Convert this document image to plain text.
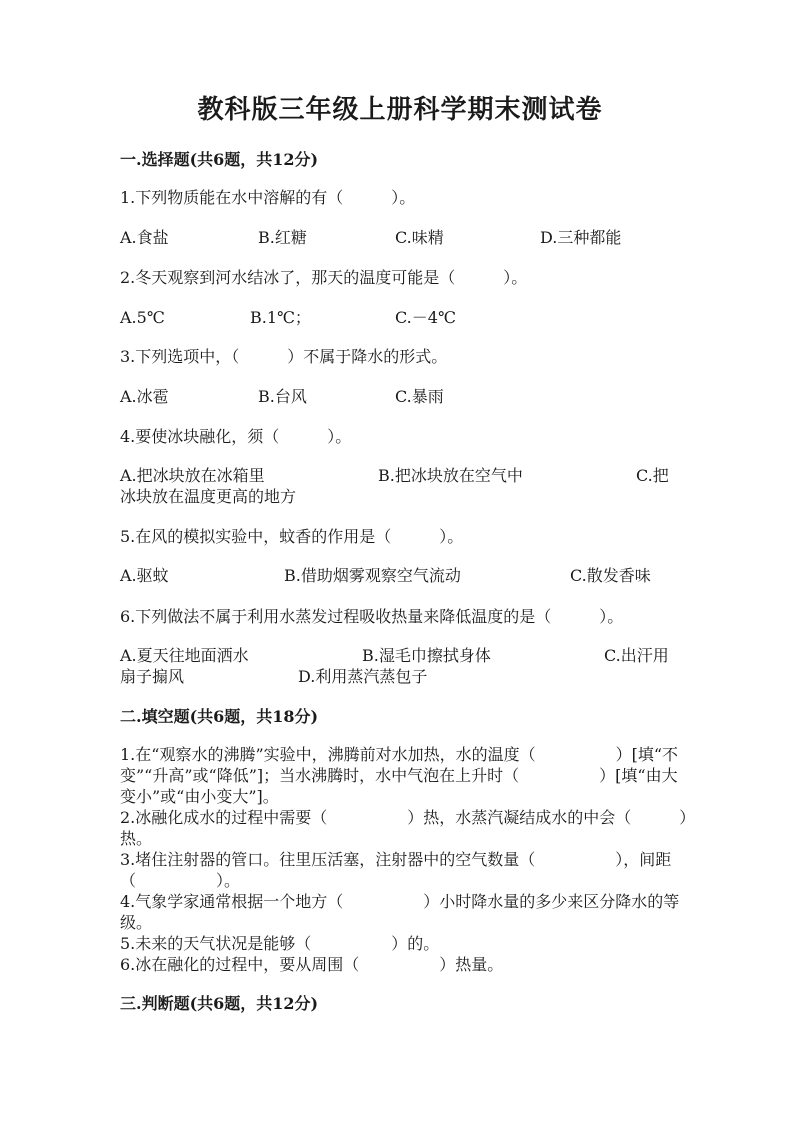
教科版三年级上册科学期末测试卷
一.选择题(共6题，共12分)
1.下列物质能在水中溶解的有（　　　）。
A.食盐	B.红糖	C.味精	D.三种都能
2.冬天观察到河水结冰了，那天的温度可能是（　　　）。
A.5℃	B.1℃；	C.－4℃
3.下列选项中，（　　　）不属于降水的形式。
A.冰雹	B.台风	C.暴雨
4.要使冰块融化，须（　　　）。
A.把冰块放在冰箱里	B.把冰块放在空气中	C.把
冰块放在温度更高的地方
5.在风的模拟实验中，蚊香的作用是（　　　）。
A.驱蚊	B.借助烟雾观察空气流动	C.散发香味
6.下列做法不属于利用水蒸发过程吸收热量来降低温度的是（　　　）。
A.夏天往地面洒水	B.湿毛巾擦拭身体	C.出汗用
扇子搧风	D.利用蒸汽蒸包子
二.填空题(共6题，共18分)
1.在“观察水的沸腾”实验中，沸腾前对水加热，水的温度（　　　　　）[填“不变”“升高”或“降低”]；当水沸腾时，水中气泡在上升时（　　　　　）[填“由大变小”或“由小变大”]。
2.冰融化成水的过程中需要（　　　　　）热，水蒸汽凝结成水的中会（　　　）热。
3.堵住注射器的管口。往里压活塞，注射器中的空气数量（　　　　　），间距（　　　　　）。
4.气象学家通常根据一个地方（　　　　　）小时降水量的多少来区分降水的等级。
5.未来的天气状况是能够（　　　　　）的。
6.冰在融化的过程中，要从周围（　　　　　）热量。
三.判断题(共6题，共12分)
